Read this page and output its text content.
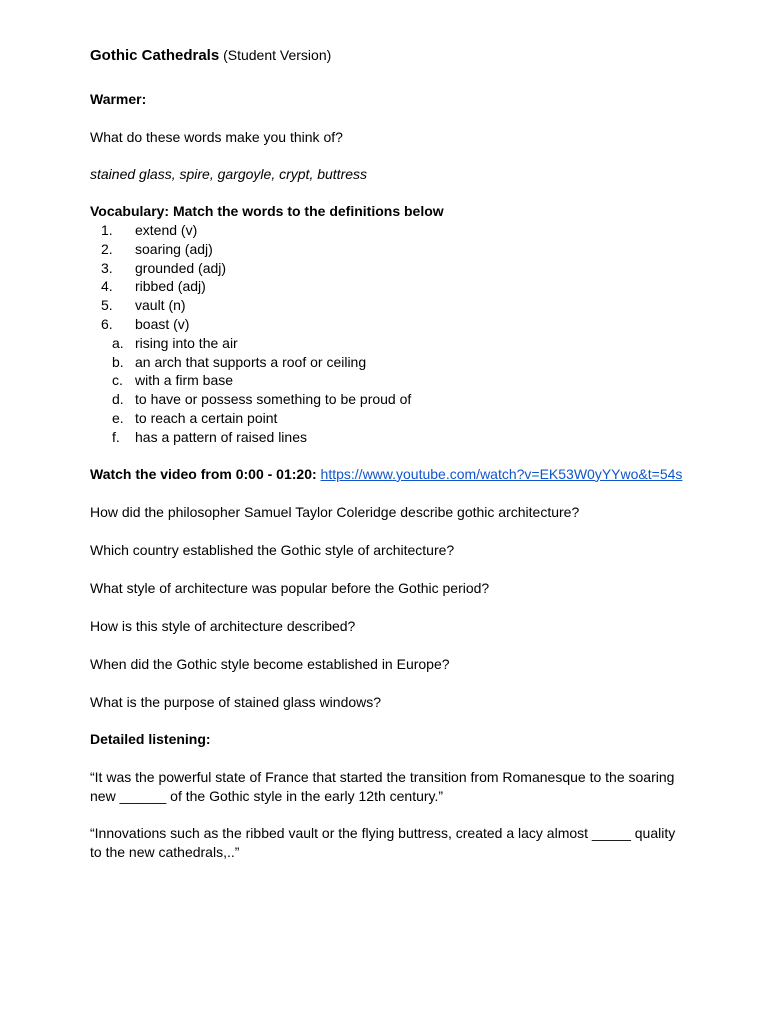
Gothic Cathedrals (Student Version)

Warmer:

What do these words make you think of?

stained glass, spire, gargoyle, crypt, buttress

Vocabulary: Match the words to the definitions below

1.	extend (v)
2.	soaring (adj)
3.	grounded (adj)
4.	ribbed (adj)
5.	vault (n)
6.	boast (v)
a. rising into the air
b. an arch that supports a roof or ceiling
c. with a firm base
d. to have or possess something to be proud of
e. to reach a certain point
f.	has a pattern of raised lines

Watch the video from 0:00 - 01:20: https://www.youtube.com/watch?v=EK53W0yYYwo&t=54s

How did the philosopher Samuel Taylor Coleridge describe gothic architecture?

Which country established the Gothic style of architecture?

What style of architecture was popular before the Gothic period?

How is this style of architecture described?

When did the Gothic style become established in Europe?

What is the purpose of stained glass windows?

Detailed listening:

“It was the powerful state of France that started the transition from Romanesque to the soaring new ______ of the Gothic style in the early 12th century.”

“Innovations such as the ribbed vault or the flying buttress, created a lacy almost _____ quality to the new cathedrals,..”
